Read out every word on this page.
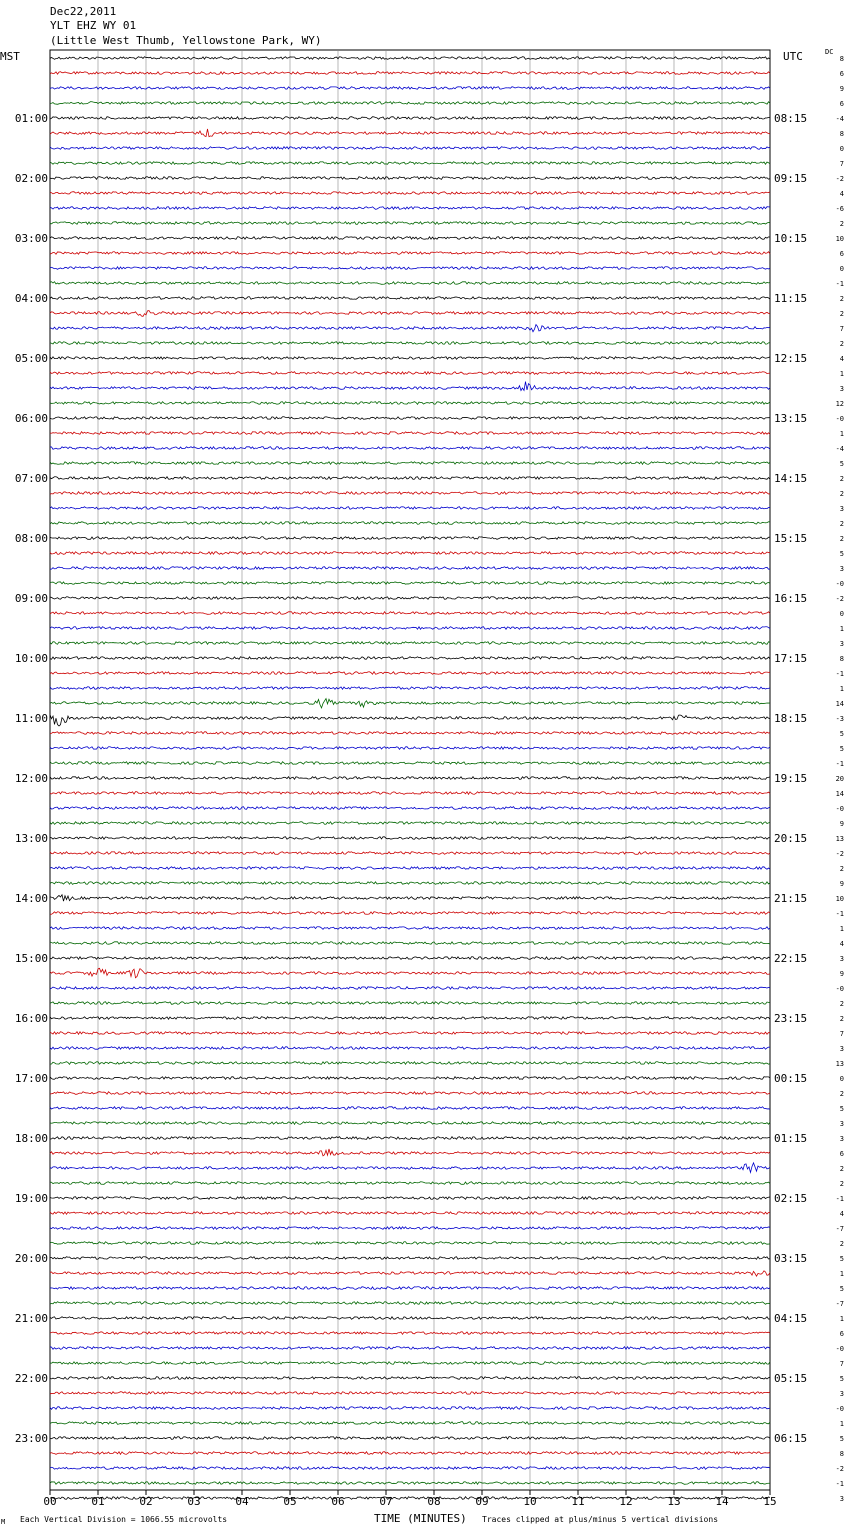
Dec22,2011
YLT EHZ WY 01
(Little West Thumb, Yellowstone Park, WY)
MST	UTC	DC
01:00
02:00
03:00
04:00
05:00
06:00
07:00
08:00
09:00
10:00
11:00
12:00
13:00
14:00
15:00
16:00
17:00
18:00
19:00
20:00
21:00
22:00
23:00
08:15
09:15
10:15
11:15
12:15
13:15
14:15
15:15
16:15
17:15
18:15
19:15
20:15
21:15
22:15
23:15
00:15
01:15
02:15
03:15
04:15
05:15
06:15
8
6
9
6
-4
8
0
7
-2
4
-6
2
10
6
0
-1
2
2
7
2
4
1
3
12
-0
1
-4
5
2
2
3
2
2
5
3
-0
-2
0
1
3
8
-1
1
14
-3
5
5
-1
20
14
-0
9
13
-2
2
9
10
-1
1
4
3
9
-0
2
2
7
3
13
0
2
5
3
3
6
2
2
-1
4
-7
2
5
1
5
-7
1
6
-0
7
5
3
-0
1
5
8
-2
-1
3
00	01	02	03	04	05	06	07	08	09	10	11	12	13	14	15
TIME (MINUTES)
M Each Vertical Division = 1066.55 microvolts	Traces clipped at plus/minus 5 vertical divisions
